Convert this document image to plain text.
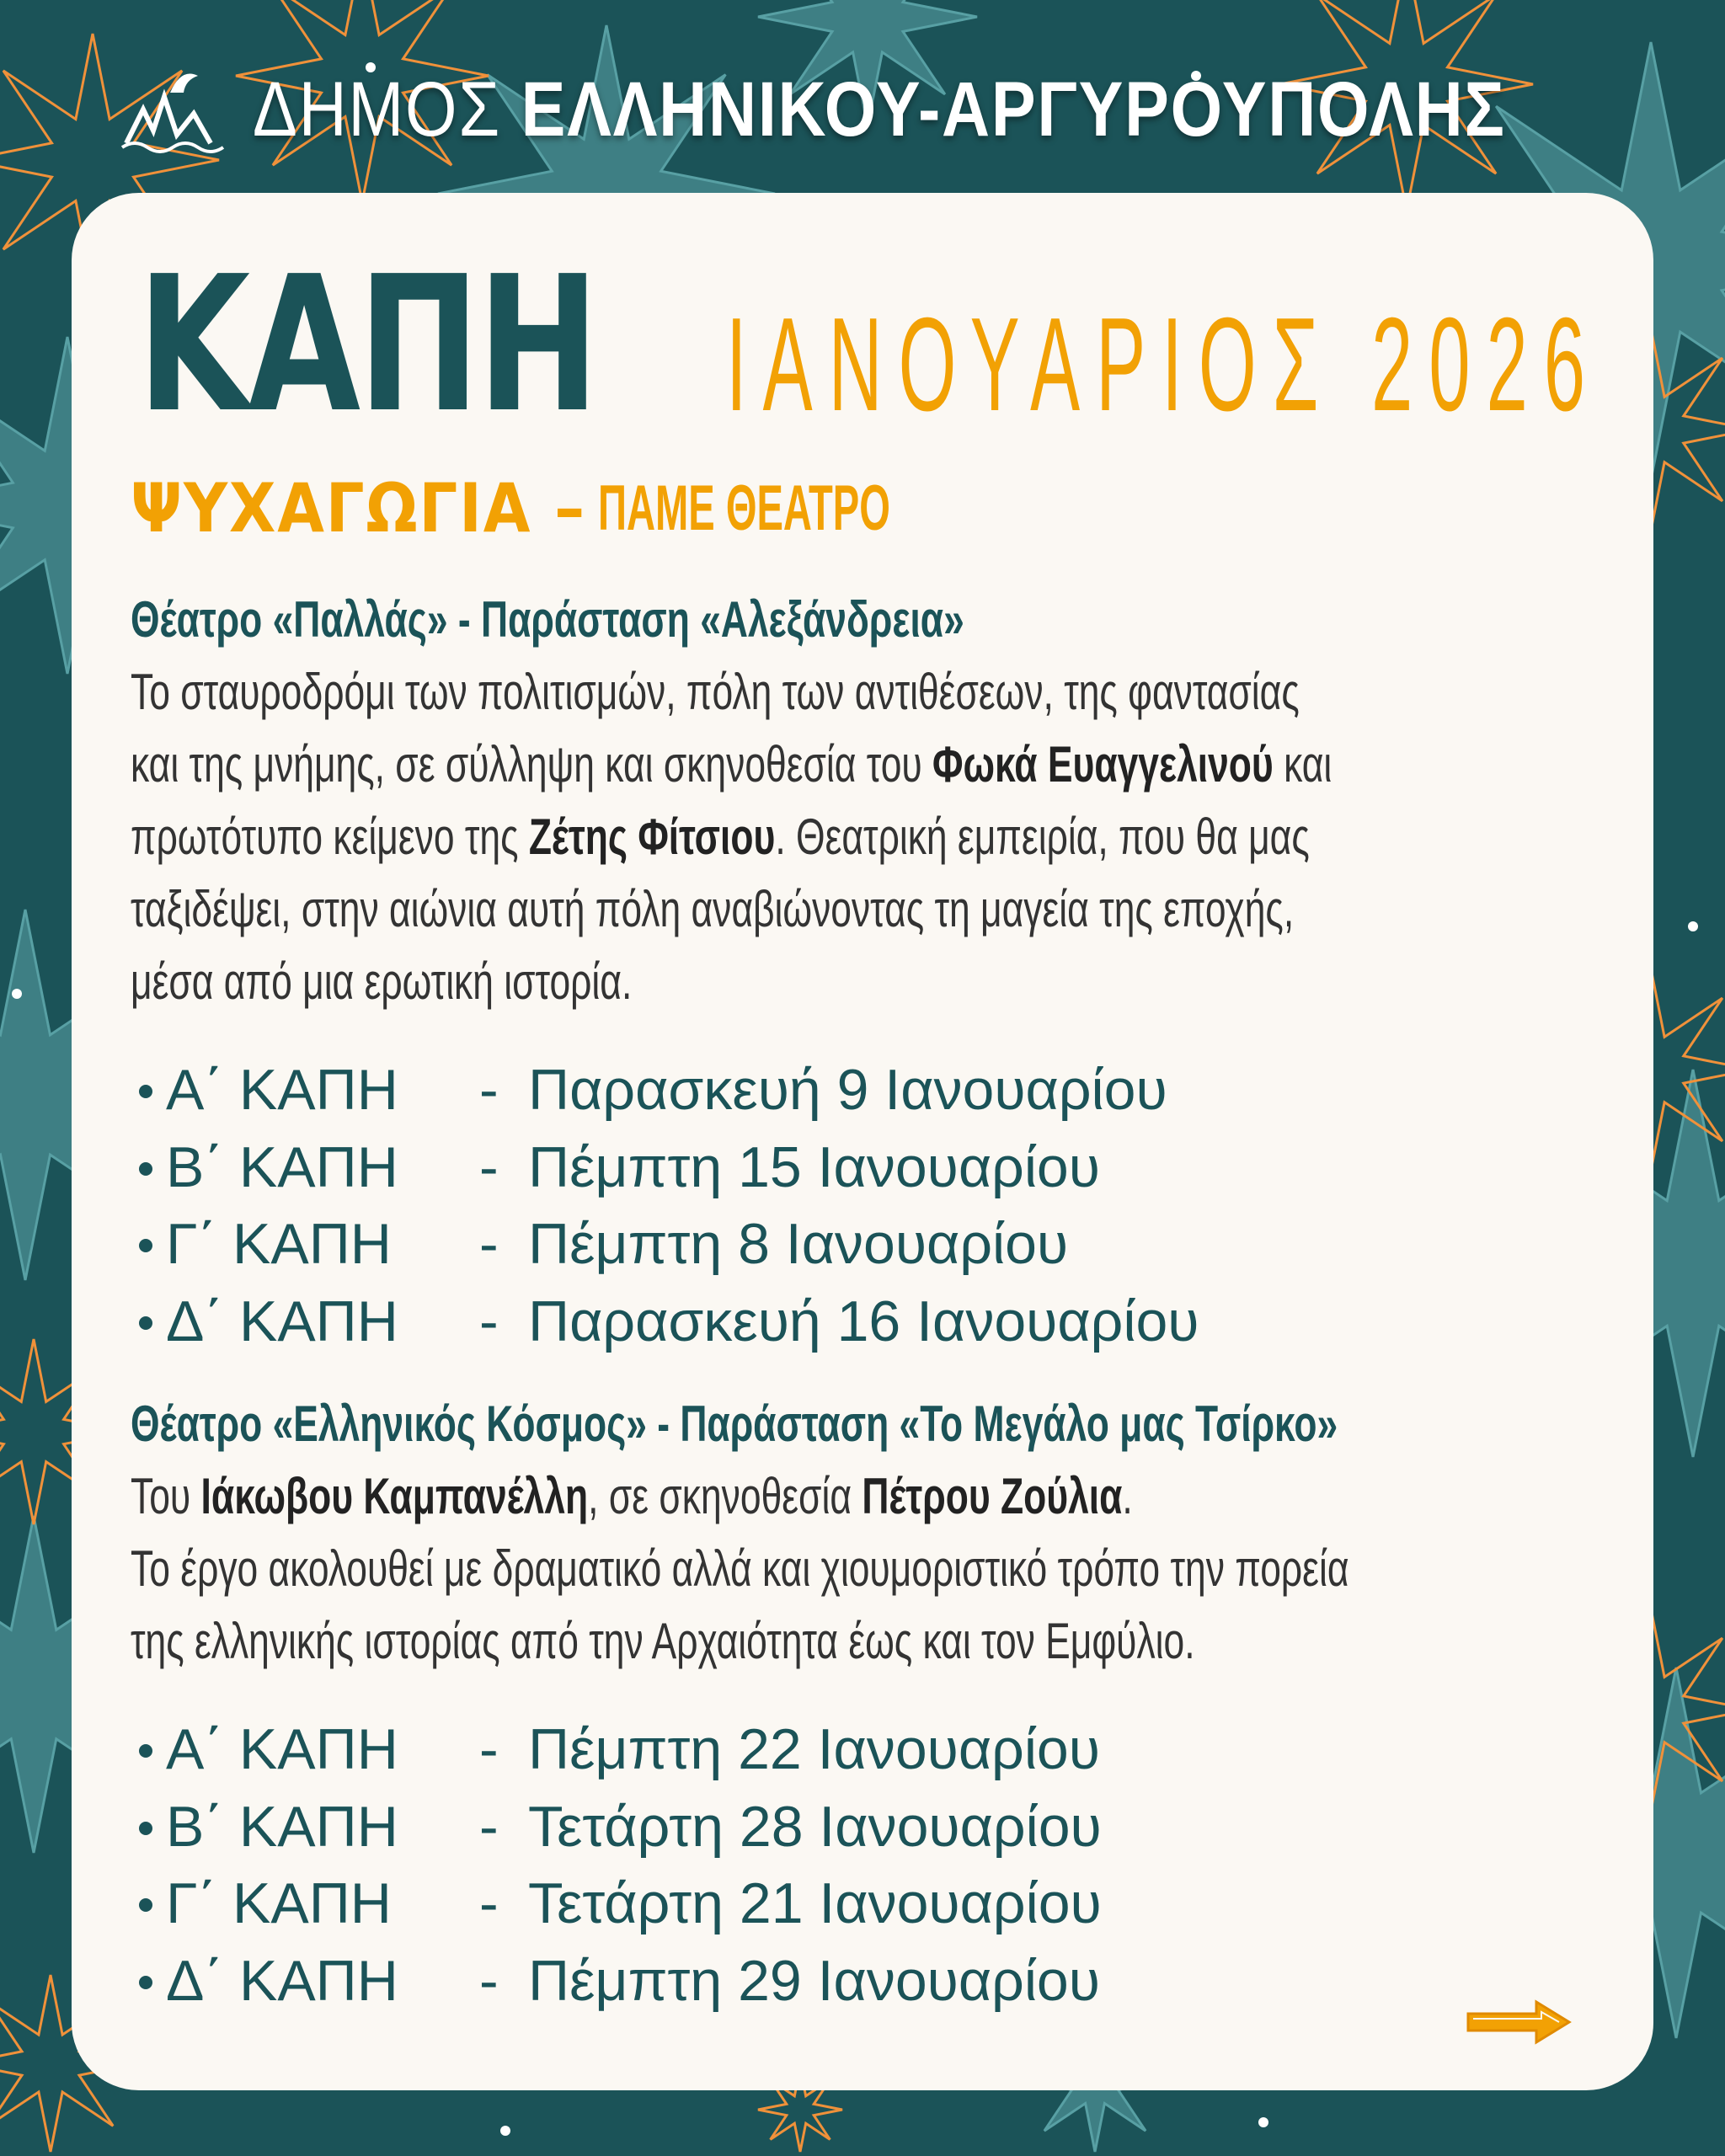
ΔΗΜΟΣ ΕΛΛΗΝΙΚΟΥ-ΑΡΓΥΡΟΥΠΟΛΗΣ
ΚΑΠΗ ΙΑΝΟΥΑΡΙΟΣ 2026
ΨΥΧΑΓΩΓΙΑ – ΠΑΜΕ ΘΕΑΤΡΟ
Θέατρο «Παλλάς» - Παράσταση «Αλεξάνδρεια»
Το σταυροδρόμι των πολιτισμών, πόλη των αντιθέσεων, της φαντασίας
και της μνήμης, σε σύλληψη και σκηνοθεσία του Φωκά Ευαγγελινού και
πρωτότυπο κείμενο της Ζέτης Φίτσιου. Θεατρική εμπειρία, που θα μας
ταξιδέψει, στην αιώνια αυτή πόλη αναβιώνοντας τη μαγεία της εποχής,
μέσα από μια ερωτική ιστορία.
Α΄ ΚΑΠΗ - Παρασκευή 9 Ιανουαρίου
Β΄ ΚΑΠΗ - Πέμπτη 15 Ιανουαρίου
Γ΄ ΚΑΠΗ - Πέμπτη 8 Ιανουαρίου
Δ΄ ΚΑΠΗ - Παρασκευή 16 Ιανουαρίου
Θέατρο «Ελληνικός Κόσμος» - Παράσταση «Το Μεγάλο μας Τσίρκο»
Του Ιάκωβου Καμπανέλλη, σε σκηνοθεσία Πέτρου Ζούλια.
Το έργο ακολουθεί με δραματικό αλλά και χιουμοριστικό τρόπο την πορεία
της ελληνικής ιστορίας από την Αρχαιότητα έως και τον Εμφύλιο.
Α΄ ΚΑΠΗ - Πέμπτη 22 Ιανουαρίου
Β΄ ΚΑΠΗ - Τετάρτη 28 Ιανουαρίου
Γ΄ ΚΑΠΗ - Τετάρτη 21 Ιανουαρίου
Δ΄ ΚΑΠΗ - Πέμπτη 29 Ιανουαρίου
